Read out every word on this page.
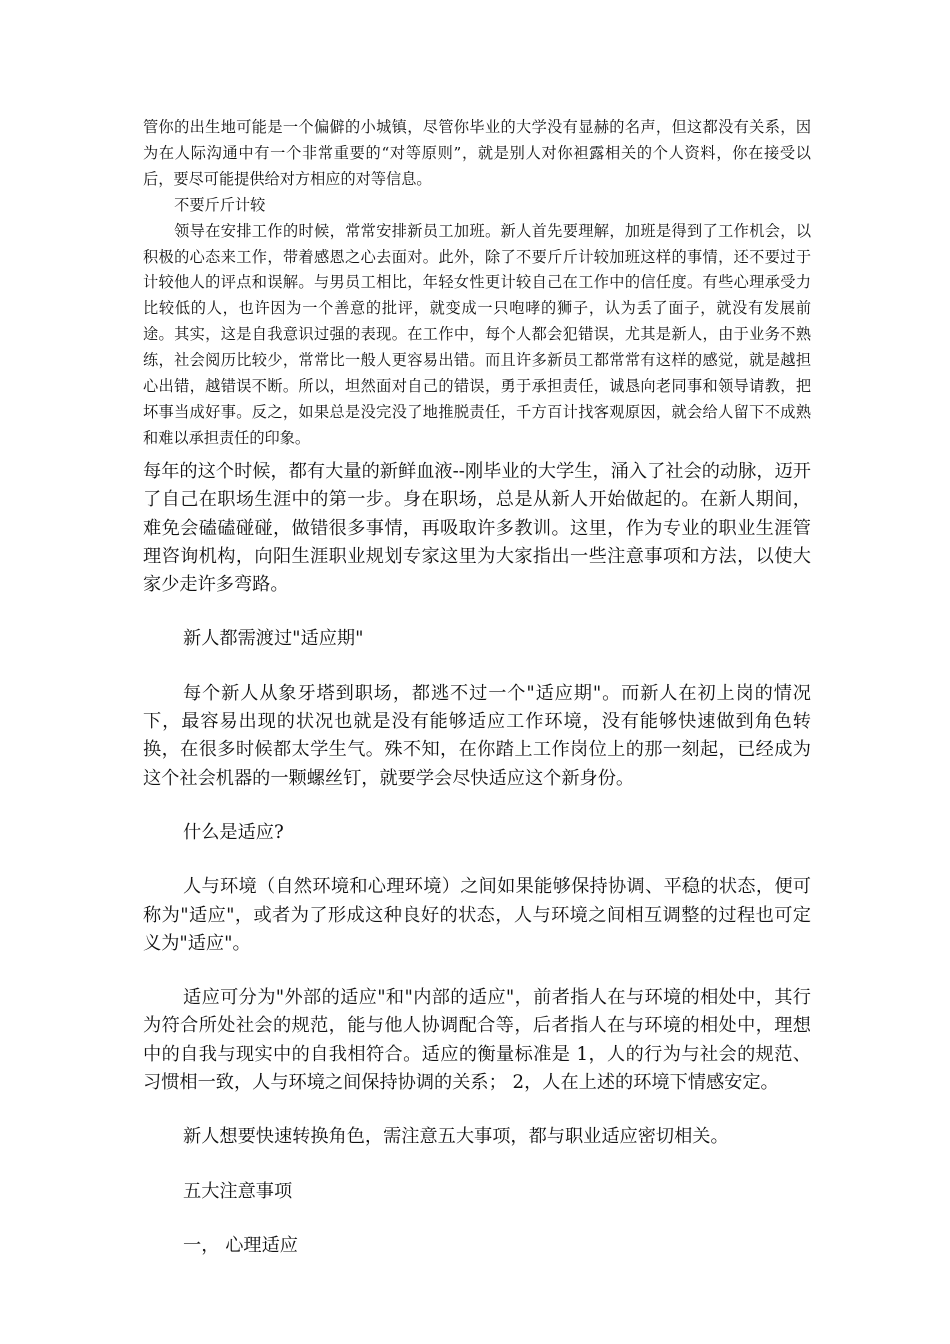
管你的出生地可能是一个偏僻的小城镇，尽管你毕业的大学没有显赫的名声，但这都没有关系，因为在人际沟通中有一个非常重要的“对等原则”，就是别人对你袒露相关的个人资料，你在接受以后，要尽可能提供给对方相应的对等信息。

不要斤斤计较

领导在安排工作的时候，常常安排新员工加班。新人首先要理解，加班是得到了工作机会，以积极的心态来工作，带着感恩之心去面对。此外，除了不要斤斤计较加班这样的事情，还不要过于计较他人的评点和误解。与男员工相比，年轻女性更计较自己在工作中的信任度。有些心理承受力比较低的人，也许因为一个善意的批评，就变成一只咆哮的狮子，认为丢了面子，就没有发展前途。其实，这是自我意识过强的表现。在工作中，每个人都会犯错误，尤其是新人，由于业务不熟练，社会阅历比较少，常常比一般人更容易出错。而且许多新员工都常常有这样的感觉，就是越担心出错，越错误不断。所以，坦然面对自己的错误，勇于承担责任，诚恳向老同事和领导请教，把坏事当成好事。反之，如果总是没完没了地推脱责任，千方百计找客观原因，就会给人留下不成熟和难以承担责任的印象。

每年的这个时候，都有大量的新鲜血液--刚毕业的大学生，涌入了社会的动脉，迈开了自己在职场生涯中的第一步。身在职场，总是从新人开始做起的。在新人期间，难免会磕磕碰碰，做错很多事情，再吸取许多教训。这里，作为专业的职业生涯管理咨询机构，向阳生涯职业规划专家这里为大家指出一些注意事项和方法，以使大家少走许多弯路。

新人都需渡过"适应期"

每个新人从象牙塔到职场，都逃不过一个"适应期"。而新人在初上岗的情况下，最容易出现的状况也就是没有能够适应工作环境，没有能够快速做到角色转换，在很多时候都太学生气。殊不知，在你踏上工作岗位上的那一刻起，已经成为这个社会机器的一颗螺丝钉，就要学会尽快适应这个新身份。

什么是适应?

人与环境（自然环境和心理环境）之间如果能够保持协调、平稳的状态，便可称为"适应"，或者为了形成这种良好的状态，人与环境之间相互调整的过程也可定义为"适应"。

适应可分为"外部的适应"和"内部的适应"，前者指人在与环境的相处中，其行为符合所处社会的规范，能与他人协调配合等，后者指人在与环境的相处中，理想中的自我与现实中的自我相符合。适应的衡量标准是 1，人的行为与社会的规范、习惯相一致，人与环境之间保持协调的关系； 2，人在上述的环境下情感安定。

新人想要快速转换角色，需注意五大事项，都与职业适应密切相关。

五大注意事项

一， 心理适应
